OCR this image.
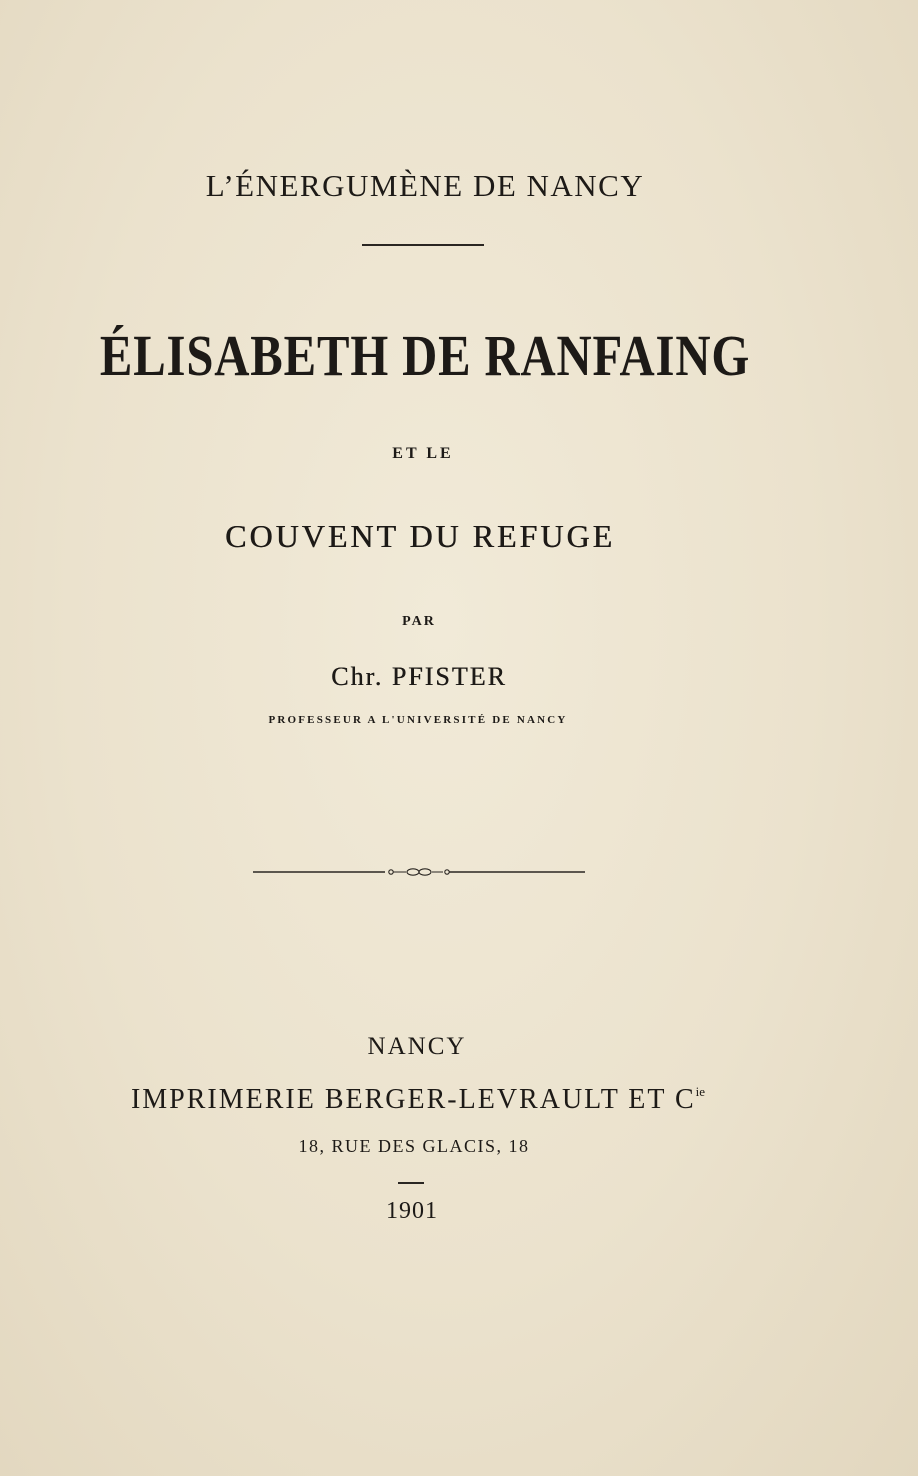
L’ÉNERGUMÈNE DE NANCY
ÉLISABETH DE RANFAING
ET LE
COUVENT DU REFUGE
PAR
Chr. PFISTER
PROFESSEUR A L'UNIVERSITÉ DE NANCY
NANCY
IMPRIMERIE BERGER-LEVRAULT ET $C^{ie}$
18, RUE DES GLACIS, 18
1901
